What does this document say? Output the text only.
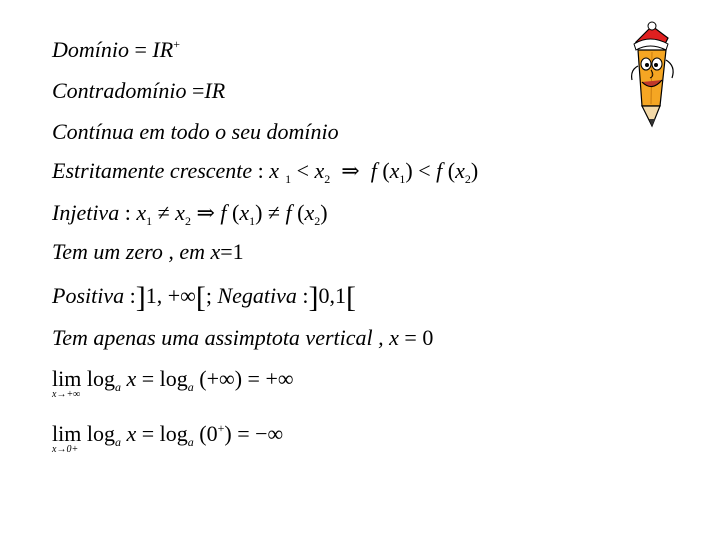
Domínio = IR+
Contradomínio =IR
Contínua em todo o seu domínio
Estritamente crescente : x $_1 < x_2$  ⇒  f $(x_1) < f$ $(x_2)$
Injetiva : $x_1 \ne x_2$ ⇒ f $(x_1) \ne f$ $(x_2)$
Tem um zero , em x=1
Positiva :]1, +∞[; Negativa :]0,1[
Tem apenas uma assimptota vertical , x = 0
lim
x→+∞
$\log_a x = \log_a$ (+∞) = +∞
lim
x→0+
$\log_a x = \log_a (0^+)$ = −∞
